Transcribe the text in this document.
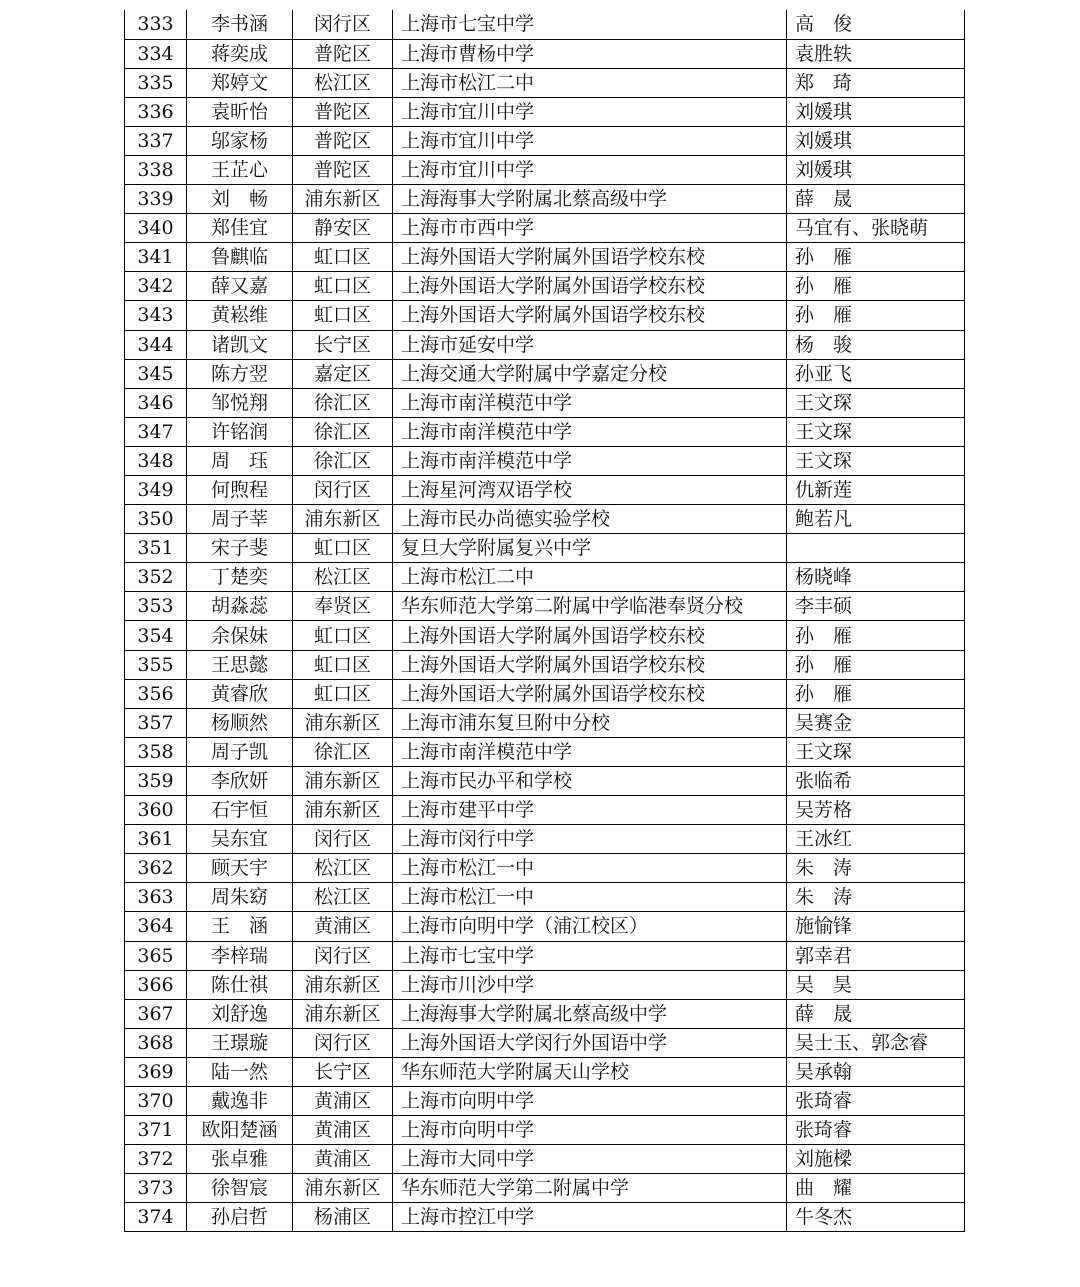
333	李书涵	闵行区	上海市七宝中学	高　俊
334	蒋奕成	普陀区	上海市曹杨中学	袁胜轶
335	郑婷文	松江区	上海市松江二中	郑　琦
336	袁昕怡	普陀区	上海市宜川中学	刘媛琪
337	邬家杨	普陀区	上海市宜川中学	刘媛琪
338	王芷心	普陀区	上海市宜川中学	刘媛琪
339	刘　畅	浦东新区	上海海事大学附属北蔡高级中学	薛　晟
340	郑佳宜	静安区	上海市市西中学	马宜有、张晓萌
341	鲁麒临	虹口区	上海外国语大学附属外国语学校东校	孙　雁
342	薛又嘉	虹口区	上海外国语大学附属外国语学校东校	孙　雁
343	黄崧维	虹口区	上海外国语大学附属外国语学校东校	孙　雁
344	诸凯文	长宁区	上海市延安中学	杨　骏
345	陈方翌	嘉定区	上海交通大学附属中学嘉定分校	孙亚飞
346	邹悦翔	徐汇区	上海市南洋模范中学	王文琛
347	许铭润	徐汇区	上海市南洋模范中学	王文琛
348	周　珏	徐汇区	上海市南洋模范中学	王文琛
349	何煦程	闵行区	上海星河湾双语学校	仇新莲
350	周子莘	浦东新区	上海市民办尚德实验学校	鲍若凡
351	宋子斐	虹口区	复旦大学附属复兴中学	
352	丁楚奕	松江区	上海市松江二中	杨晓峰
353	胡淼蕊	奉贤区	华东师范大学第二附属中学临港奉贤分校	李丰硕
354	余保妹	虹口区	上海外国语大学附属外国语学校东校	孙　雁
355	王思懿	虹口区	上海外国语大学附属外国语学校东校	孙　雁
356	黄睿欣	虹口区	上海外国语大学附属外国语学校东校	孙　雁
357	杨顺然	浦东新区	上海市浦东复旦附中分校	吴赛金
358	周子凯	徐汇区	上海市南洋模范中学	王文琛
359	李欣妍	浦东新区	上海市民办平和学校	张临希
360	石宇恒	浦东新区	上海市建平中学	吴芳格
361	吴东宜	闵行区	上海市闵行中学	王冰红
362	顾天宇	松江区	上海市松江一中	朱　涛
363	周朱窈	松江区	上海市松江一中	朱　涛
364	王　涵	黄浦区	上海市向明中学（浦江校区）	施愉锋
365	李梓瑞	闵行区	上海市七宝中学	郭幸君
366	陈仕祺	浦东新区	上海市川沙中学	吴　昊
367	刘舒逸	浦东新区	上海海事大学附属北蔡高级中学	薛　晟
368	王璟璇	闵行区	上海外国语大学闵行外国语中学	吴士玉、郭念睿
369	陆一然	长宁区	华东师范大学附属天山学校	吴承翰
370	戴逸非	黄浦区	上海市向明中学	张琦睿
371	欧阳楚涵	黄浦区	上海市向明中学	张琦睿
372	张卓雅	黄浦区	上海市大同中学	刘施樑
373	徐智宸	浦东新区	华东师范大学第二附属中学	曲　耀
374	孙启哲	杨浦区	上海市控江中学	牛冬杰
